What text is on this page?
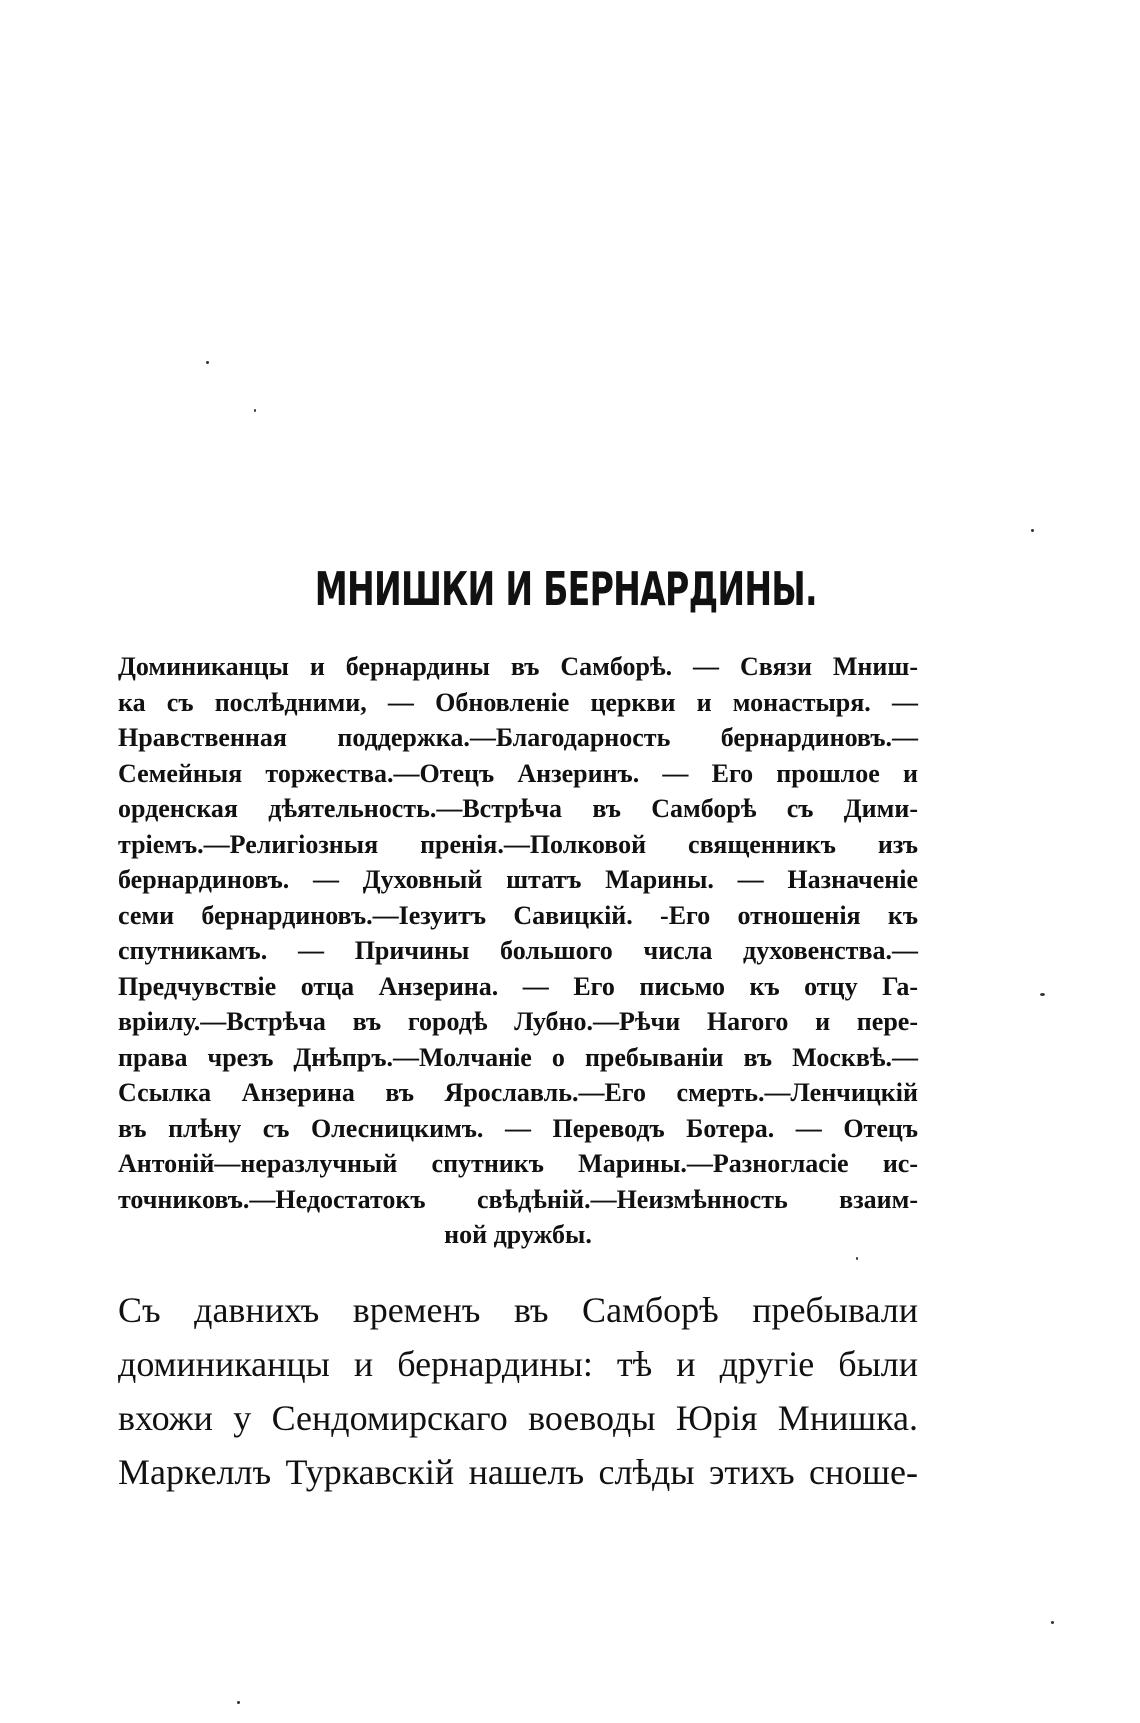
МНИШКИ И БЕРНАРДИНЫ.
Доминиканцы и бернардины въ Самборѣ. — Связи Мниш-
ка съ послѣдними, — Обновленіе церкви и монастыря. —
Нравственная поддержка.—Благодарность бернардиновъ.—
Семейныя торжества.—Отецъ Анзеринъ. — Его прошлое и
орденская дѣятельность.—Встрѣча въ Самборѣ съ Дими-
тріемъ.—Религіозныя пренія.—Полковой священникъ изъ
бернардиновъ. — Духовный штатъ Марины. — Назначеніе
семи бернардиновъ.—Іезуитъ Савицкій. -Его отношенія къ
спутникамъ. — Причины большого числа духовенства.—
Предчувствіе отца Анзерина. — Его письмо къ отцу Га-
вріилу.—Встрѣча въ городѣ Лубно.—Рѣчи Нагого и пере-
права чрезъ Днѣпръ.—Молчаніе о пребываніи въ Москвѣ.—
Ссылка Анзерина въ Ярославль.—Его смерть.—Ленчицкій
въ плѣну съ Олесницкимъ. — Переводъ Ботера. — Отецъ
Антоній—неразлучный спутникъ Марины.—Разногласіе ис-
точниковъ.—Недостатокъ свѣдѣній.—Неизмѣнность взаим-
ной дружбы.
Съ давнихъ временъ въ Самборѣ пребывали
доминиканцы и бернардины: тѣ и другіе были
вхожи у Сендомирскаго воеводы Юрія Мнишка.
Маркеллъ Туркавскій нашелъ слѣды этихъ сноше-
